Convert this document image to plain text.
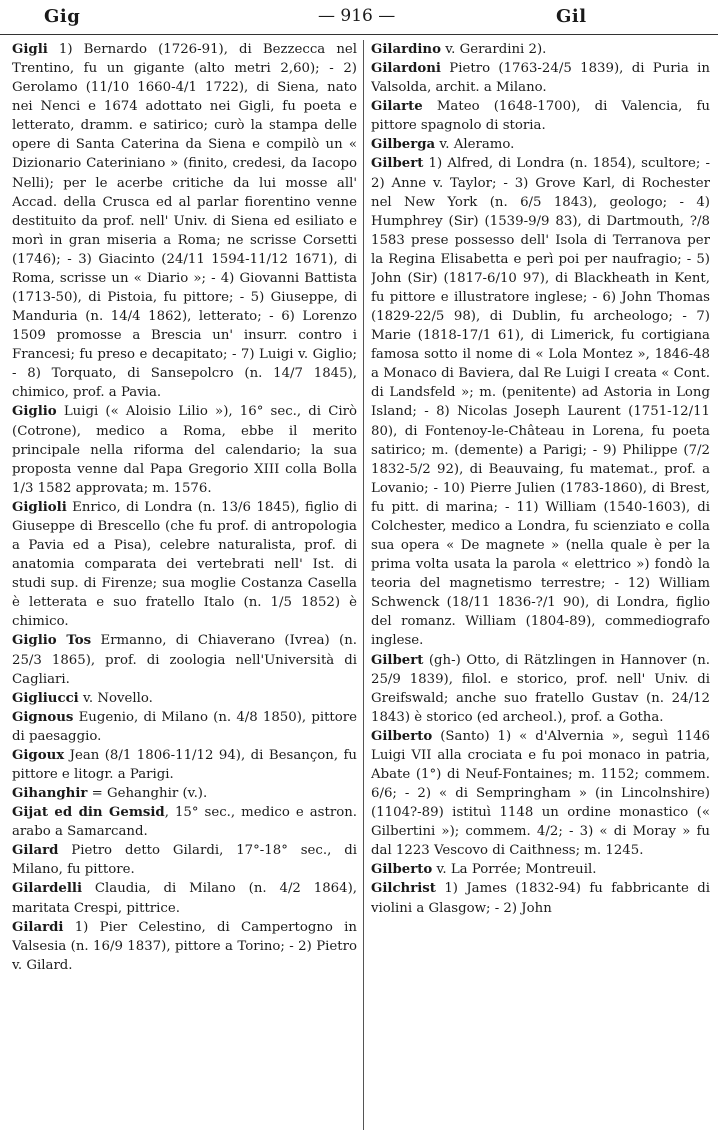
Gig	— 916 —	Gil

Gigli 1) Bernardo (1726-91), di Bezzecca nel Trentino, fu un gigante (alto metri 2,60); - 2) Gerolamo (11/10 1660-4/1 1722), di Siena, nato nei Nenci e 1674 adottato nei Gigli, fu poeta e letterato, dramm. e satirico; curò la stampa delle opere di Santa Caterina da Siena e compilò un « Dizionario Cateriniano » (finito, credesi, da Iacopo Nelli); per le acerbe critiche da lui mosse all' Accad. della Crusca ed al parlar fiorentino venne destituito da prof. nell' Univ. di Siena ed esiliato e morì in gran miseria a Roma; ne scrisse Corsetti (1746); - 3) Giacinto (24/11 1594-11/12 1671), di Roma, scrisse un « Diario »; - 4) Giovanni Battista (1713-50), di Pistoia, fu pittore; - 5) Giuseppe, di Manduria (n. 14/4 1862), letterato; - 6) Lorenzo 1509 promosse a Brescia un' insurr. contro i Francesi; fu preso e decapitato; - 7) Luigi v. Giglio; - 8) Torquato, di Sansepolcro (n. 14/7 1845), chimico, prof. a Pavia.

Giglio Luigi (« Aloisio Lilio »), 16° sec., di Cirò (Cotrone), medico a Roma, ebbe il merito principale nella riforma del calendario; la sua proposta venne dal Papa Gregorio XIII colla Bolla 1/3 1582 approvata; m. 1576.

Giglioli Enrico, di Londra (n. 13/6 1845), figlio di Giuseppe di Brescello (che fu prof. di antropologia a Pavia ed a Pisa), celebre naturalista, prof. di anatomia comparata dei vertebrati nell' Ist. di studi sup. di Firenze; sua moglie Costanza Casella è letterata e suo fratello Italo (n. 1/5 1852) è chimico.

Giglio Tos Ermanno, di Chiaverano (Ivrea) (n. 25/3 1865), prof. di zoologia nell'Università di Cagliari.

Gigliucci v. Novello.

Gignous Eugenio, di Milano (n. 4/8 1850), pittore di paesaggio.

Gigoux Jean (8/1 1806-11/12 94), di Besançon, fu pittore e litogr. a Parigi.

Gihanghir = Gehanghir (v.).

Gijat ed din Gemsid, 15° sec., medico e astron. arabo a Samarcand.

Gilard Pietro detto Gilardi, 17°-18° sec., di Milano, fu pittore.

Gilardelli Claudia, di Milano (n. 4/2 1864), maritata Crespi, pittrice.

Gilardi 1) Pier Celestino, di Campertogno in Valsesia (n. 16/9 1837), pittore a Torino; - 2) Pietro v. Gilard.

Gilardino v. Gerardini 2).

Gilardoni Pietro (1763-24/5 1839), di Puria in Valsolda, archit. a Milano.

Gilarte Mateo (1648-1700), di Valencia, fu pittore spagnolo di storia.

Gilberga v. Aleramo.

Gilbert 1) Alfred, di Londra (n. 1854), scultore; - 2) Anne v. Taylor; - 3) Grove Karl, di Rochester nel New York (n. 6/5 1843), geologo; - 4) Humphrey (Sir) (1539-9/9 83), di Dartmouth, ?/8 1583 prese possesso dell' Isola di Terranova per la Regina Elisabetta e perì poi per naufragio; - 5) John (Sir) (1817-6/10 97), di Blackheath in Kent, fu pittore e illustratore inglese; - 6) John Thomas (1829-22/5 98), di Dublin, fu archeologo; - 7) Marie (1818-17/1 61), di Limerick, fu cortigiana famosa sotto il nome di « Lola Montez », 1846-48 a Monaco di Baviera, dal Re Luigi I creata « Cont. di Landsfeld »; m. (penitente) ad Astoria in Long Island; - 8) Nicolas Joseph Laurent (1751-12/11 80), di Fontenoy-le-Château in Lorena, fu poeta satirico; m. (demente) a Parigi; - 9) Philippe (7/2 1832-5/2 92), di Beauvaing, fu matemat., prof. a Lovanio; - 10) Pierre Julien (1783-1860), di Brest, fu pitt. di marina; - 11) William (1540-1603), di Colchester, medico a Londra, fu scienziato e colla sua opera « De magnete » (nella quale è per la prima volta usata la parola « elettrico ») fondò la teoria del magnetismo terrestre; - 12) William Schwenck (18/11 1836-?/1 90), di Londra, figlio del romanz. William (1804-89), commediografo inglese.

Gilbert (gh-) Otto, di Rätzlingen in Hannover (n. 25/9 1839), filol. e storico, prof. nell' Univ. di Greifswald; anche suo fratello Gustav (n. 24/12 1843) è storico (ed archeol.), prof. a Gotha.

Gilberto (Santo) 1) « d'Alvernia », seguì 1146 Luigi VII alla crociata e fu poi monaco in patria, Abate (1°) di Neuf-Fontaines; m. 1152; commem. 6/6; - 2) « di Sempringham » (in Lincolnshire) (1104?-89) istituì 1148 un ordine monastico (« Gilbertini »); commem. 4/2; - 3) « di Moray » fu dal 1223 Vescovo di Caithness; m. 1245.

Gilberto v. La Porrée; Montreuil.

Gilchrist 1) James (1832-94) fu fabbricante di violini a Glasgow; - 2) John
